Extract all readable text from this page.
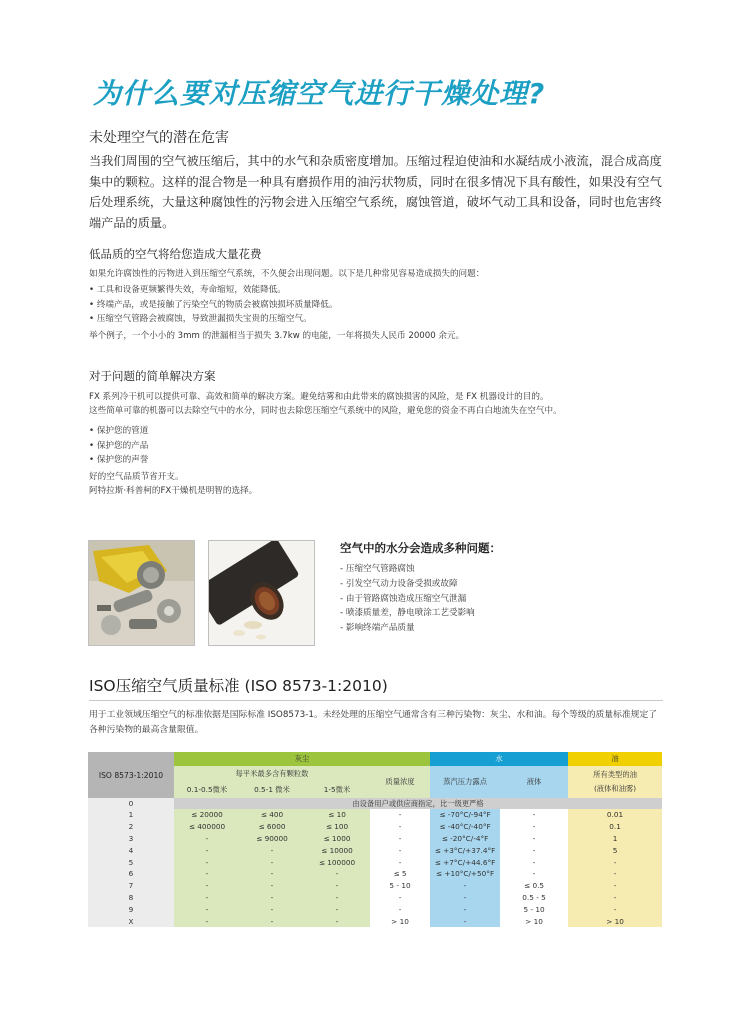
为什么要对压缩空气进行干燥处理?
未处理空气的潜在危害

当我们周围的空气被压缩后，其中的水气和杂质密度增加。压缩过程迫使油和水凝结成小液流，混合成高度集中的颗粒。这样的混合物是一种具有磨损作用的油污状物质，同时在很多情况下具有酸性，如果没有空气后处理系统，大量这种腐蚀性的污物会进入压缩空气系统，腐蚀管道，破坏气动工具和设备，同时也危害终端产品的质量。

低品质的空气将给您造成大量花费

如果允许腐蚀性的污物进入到压缩空气系统，不久便会出现问题。以下是几种常见容易造成损失的问题：

• 工具和设备更频繁得失效，寿命缩短，效能降低。
• 终端产品，或是接触了污染空气的物质会被腐蚀损坏质量降低。
• 压缩空气管路会被腐蚀，导致泄漏损失宝贵的压缩空气。

举个例子，一个小小的 3mm 的泄漏相当于损失 3.7kw 的电能，一年将损失人民币 20000 余元。

对于问题的简单解决方案

FX 系列冷干机可以提供可靠、高效和简单的解决方案。避免结雾和由此带来的腐蚀损害的风险，是 FX 机器设计的目的。

这些简单可靠的机器可以去除空气中的水分，同时也去除您压缩空气系统中的风险，避免您的资金不再白白地流失在空气中。

• 保护您的管道
• 保护您的产品
• 保护您的声誉

好的空气品质节省开支。

阿特拉斯·科普柯的FX干燥机是明智的选择。

空气中的水分会造成多种问题：
- 压缩空气管路腐蚀
- 引发空气动力设备受损或故障
- 由于管路腐蚀造成压缩空气泄漏
- 喷漆质量差，静电喷涂工艺受影响
- 影响终端产品质量
ISO压缩空气质量标准 (ISO 8573-1:2010)

用于工业领域压缩空气的标准依据是国际标准 ISO8573-1。未经处理的压缩空气通常含有三种污染物：灰尘、水和油。每个等级的质量标准规定了各种污染物的最高含量限值。

ISO 8573-1:2010	灰尘				水		油
	每平米最多含有颗粒数			质量浓度	蒸汽压力露点	液体	所有类型的油
(液体和油雾)

	0.1-0.5微米	0.5-1 微米	1-5微米				
0	由设备用户或供应商指定，比一级更严格						
1	≤ 20000	≤ 400	≤ 10	-	≤ -70°C/-94°F	-	0.01
2	≤ 400000	≤ 6000	≤ 100	-	≤ -40°C/-40°F	-	0.1
3	-	≤ 90000	≤ 1000	-	≤ -20°C/-4°F	-	1
4	-	-	≤ 10000	-	≤ +3°C/+37.4°F	-	5
5	-	-	≤ 100000	-	≤ +7°C/+44.6°F	-	-
6	-	-	-	≤ 5	≤ +10°C/+50°F	-	-
7	-	-	-	5 - 10	-	≤ 0.5	-
8	-	-	-	-	-	0.5 - 5	-
9	-	-	-	-	-	5 - 10	-
X	-	-	-	> 10	-	> 10	> 10
